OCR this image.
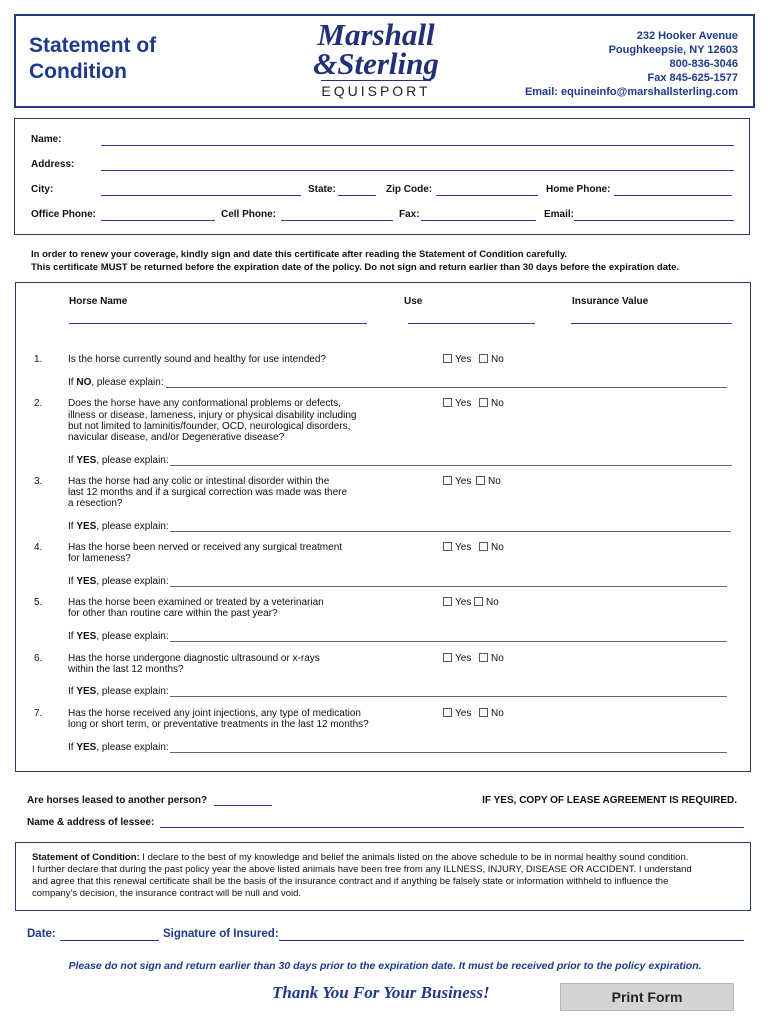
Statement of
Condition
Marshall
&Sterling
EQUISPORT
232 Hooker Avenue
Poughkeepsie, NY 12603
800-836-3046
Fax 845-625-1577
Email: equineinfo@marshallsterling.com
Name:
Address:
City:	State:	Zip Code:	Home Phone:
Office Phone:	Cell Phone:	Fax:	Email:
In order to renew your coverage, kindly sign and date this certificate after reading the Statement of Condition carefully.
This certificate MUST be returned before the expiration date of the policy. Do not sign and return earlier than 30 days before the expiration date.
Horse Name	Use	Insurance Value
1.	Is the horse currently sound and healthy for use intended?	Yes	No
If NO, please explain:
2.	Does the horse have any conformational problems or defects,
illness or disease, lameness, injury or physical disability including
but not limited to laminitis/founder, OCD, neurological disorders,
navicular disease, and/or Degenerative disease?
Yes	No
If YES, please explain:
3.	Has the horse had any colic or intestinal disorder within the
last 12 months and if a surgical correction was made was there
a resection?
Yes	No
If YES, please explain:
4.	Has the horse been nerved or received any surgical treatment
for lameness?
Yes	No
If YES, please explain:
5.	Has the horse been examined or treated by a veterinarian
for other than routine care within the past year?
Yes	No
If YES, please explain:
6.	Has the horse undergone diagnostic ultrasound or x-rays
within the last 12 months?
Yes	No
If YES, please explain:
7.	Has the horse received any joint injections, any type of medication
long or short term, or preventative treatments in the last 12 months?
Yes	No
If YES, please explain:
Are horses leased to another person?	IF YES, COPY OF LEASE AGREEMENT IS REQUIRED.
Name & address of lessee:
Statement of Condition: I declare to the best of my knowledge and belief the animals listed on the above schedule to be in normal healthy sound condition.
I further declare that during the past policy year the above listed animals have been free from any ILLNESS, INJURY, DISEASE OR ACCIDENT. I understand
and agree that this renewal certificate shall be the basis of the insurance contract and if anything be falsely state or information withheld to influence the
company's decision, the insurance contract will be null and void.
Date:	Signature of Insured:
Please do not sign and return earlier than 30 days prior to the expiration date. It must be received prior to the policy expiration.
Thank You For Your Business!	Print Form
